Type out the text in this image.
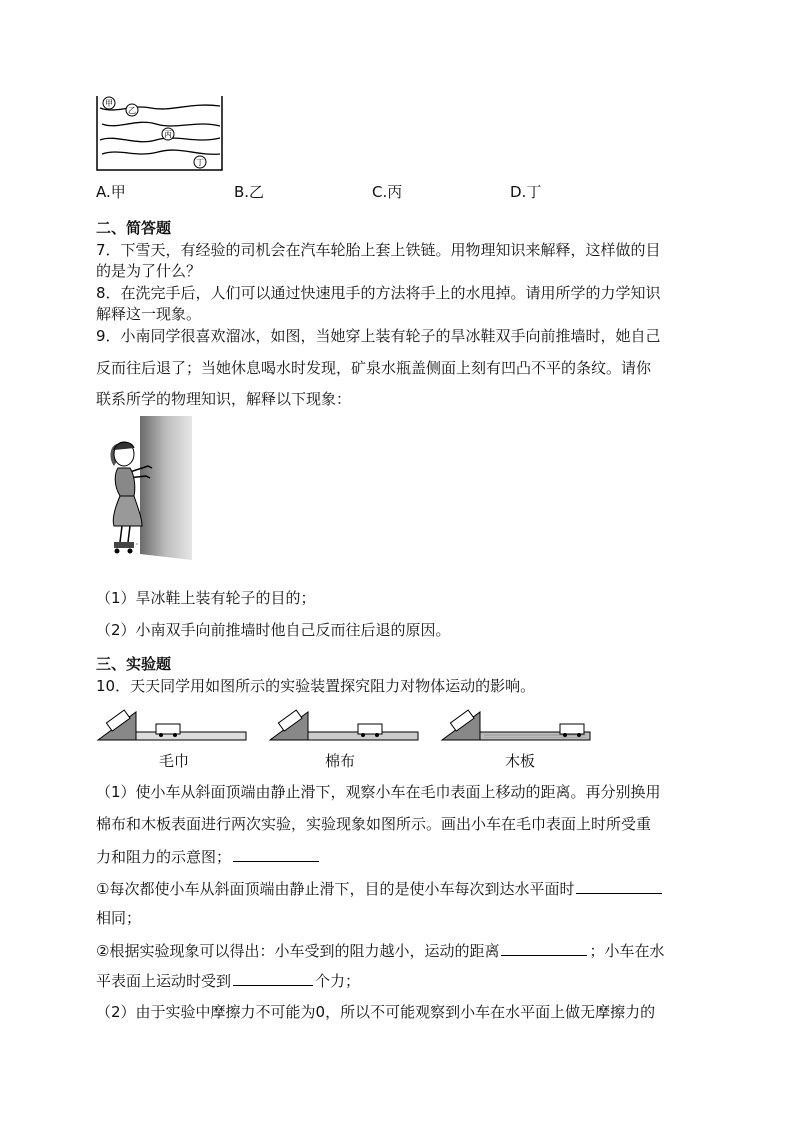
甲
乙
丙
丁
A.甲	B.乙	C.丙	D.丁
二、简答题
7．下雪天，有经验的司机会在汽车轮胎上套上铁链。用物理知识来解释，这样做的目
的是为了什么？
8．在洗完手后，人们可以通过快速甩手的方法将手上的水甩掉。请用所学的力学知识
解释这一现象。
9．小南同学很喜欢溜冰，如图，当她穿上装有轮子的旱冰鞋双手向前推墙时，她自己
反而往后退了；当她休息喝水时发现，矿泉水瓶盖侧面上刻有凹凸不平的条纹。请你
联系所学的物理知识，解释以下现象：
（1）旱冰鞋上装有轮子的目的；
（2）小南双手向前推墙时他自己反而往后退的原因。
三、实验题
10．天天同学用如图所示的实验装置探究阻力对物体运动的影响。
毛巾	棉布	木板
（1）使小车从斜面顶端由静止滑下，观察小车在毛巾表面上移动的距离。再分别换用
棉布和木板表面进行两次实验，实验现象如图所示。画出小车在毛巾表面上时所受重
力和阻力的示意图；
①每次都使小车从斜面顶端由静止滑下，目的是使小车每次到达水平面时
相同；
②根据实验现象可以得出：小车受到的阻力越小，运动的距离	；小车在水
平表面上运动时受到	个力；
（2）由于实验中摩擦力不可能为0，所以不可能观察到小车在水平面上做无摩擦力的
